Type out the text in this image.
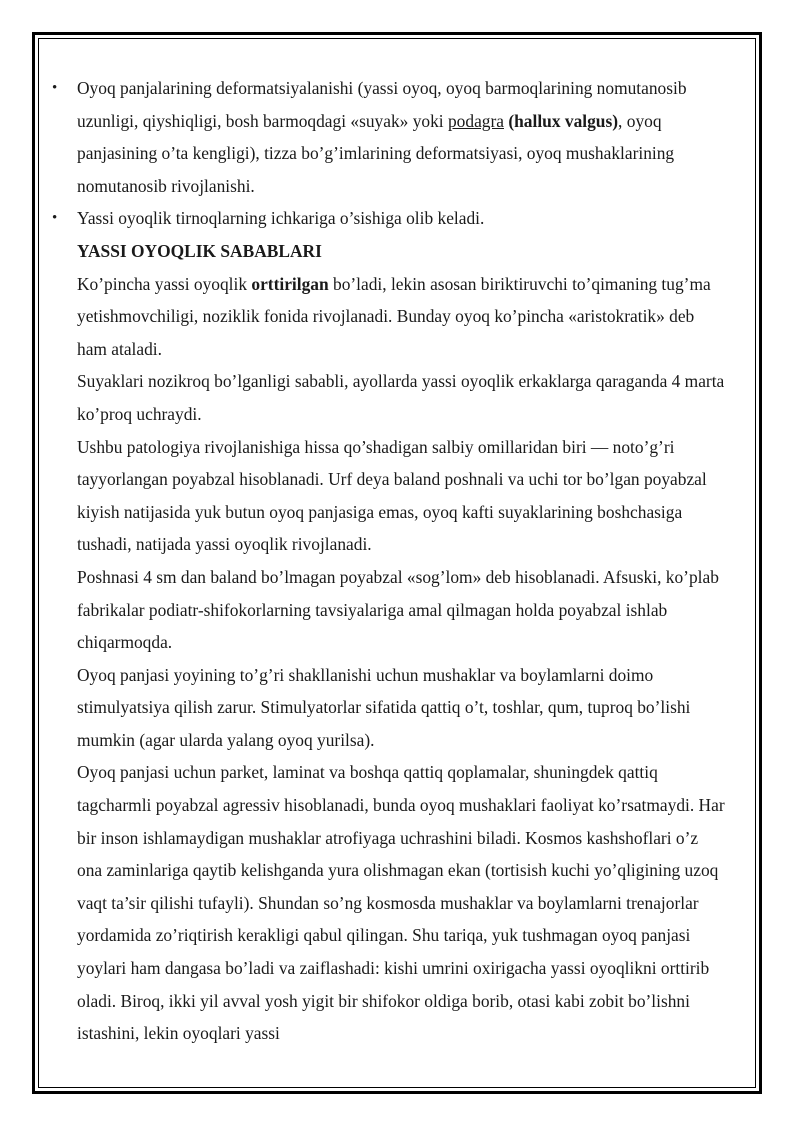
• Oyoq panjalarining deformatsiyalanishi (yassi oyoq, oyoq barmoqlarining nomutanosib uzunligi, qiyshiqligi, bosh barmoqdagi «suyak» yoki podagra (hallux valgus), oyoq panjasining o’ta kengligi), tizza bo’g’imlarining deformatsiyasi, oyoq mushaklarining nomutanosib rivojlanishi.
• Yassi oyoqlik tirnoqlarning ichkariga o’sishiga olib keladi.

YASSI OYOQLIK SABABLARI

Ko’pincha yassi oyoqlik orttirilgan bo’ladi, lekin asosan biriktiruvchi to’qimaning tug’ma yetishmovchiligi, noziklik fonida rivojlanadi. Bunday oyoq ko’pincha «aristokratik» deb ham ataladi.

Suyaklari nozikroq bo’lganligi sababli, ayollarda yassi oyoqlik erkaklarga qaraganda 4 marta ko’proq uchraydi.

Ushbu patologiya rivojlanishiga hissa qo’shadigan salbiy omillaridan biri — noto’g’ri tayyorlangan poyabzal hisoblanadi. Urf deya baland poshnali va uchi tor bo’lgan poyabzal kiyish natijasida yuk butun oyoq panjasiga emas, oyoq kafti suyaklarining boshchasiga tushadi, natijada yassi oyoqlik rivojlanadi.

Poshnasi 4 sm dan baland bo’lmagan poyabzal «sog’lom» deb hisoblanadi. Afsuski, ko’plab fabrikalar podiatr-shifokorlarning tavsiyalariga amal qilmagan holda poyabzal ishlab chiqarmoqda.

Oyoq panjasi yoyining to’g’ri shakllanishi uchun mushaklar va boylamlarni doimo stimulyatsiya qilish zarur. Stimulyatorlar sifatida qattiq o’t, toshlar, qum, tuproq bo’lishi mumkin (agar ularda yalang oyoq yurilsa).

Oyoq panjasi uchun parket, laminat va boshqa qattiq qoplamalar, shuningdek qattiq tagcharmli poyabzal agressiv hisoblanadi, bunda oyoq mushaklari faoliyat ko’rsatmaydi. Har bir inson ishlamaydigan mushaklar atrofiyaga uchrashini biladi. Kosmos kashshoflari o’z ona zaminlariga qaytib kelishganda yura olishmagan ekan (tortisish kuchi yo’qligining uzoq vaqt ta’sir qilishi tufayli). Shundan so’ng kosmosda mushaklar va boylamlarni trenajorlar yordamida zo’riqtirish kerakligi qabul qilingan. Shu tariqa, yuk tushmagan oyoq panjasi yoylari ham dangasa bo’ladi va zaiflashadi: kishi umrini oxirigacha yassi oyoqlikni orttirib oladi. Biroq, ikki yil avval yosh yigit bir shifokor oldiga borib, otasi kabi zobit bo’lishni istashini, lekin oyoqlari yassi
